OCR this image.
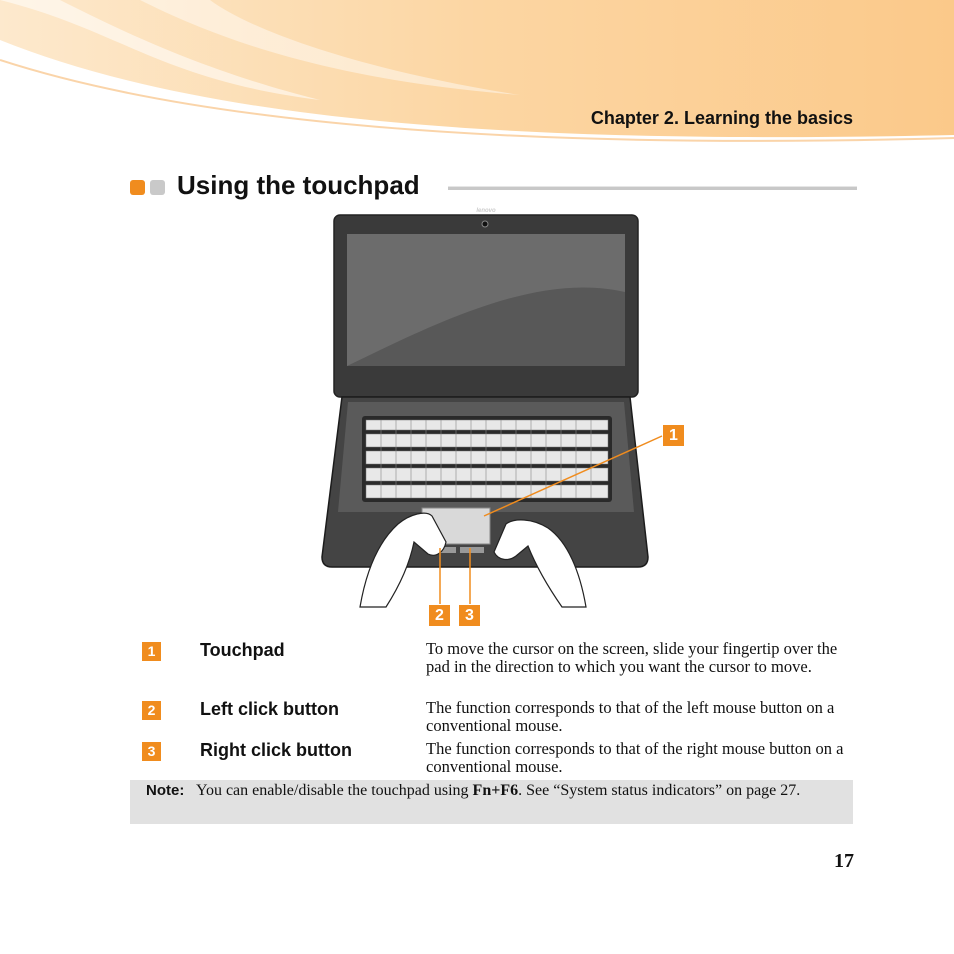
Chapter 2. Learning the basics
Using the touchpad
lenovo
1
2	3
1	Touchpad	To move the cursor on the screen, slide your fingertip over the pad in the direction to which you want the cursor to move.
2	Left click button	The function corresponds to that of the left mouse button on a conventional mouse.
3	Right click button	The function corresponds to that of the right mouse button on a conventional mouse.
Note: You can enable/disable the touchpad using Fn+F6. See “System status indicators” on page 27.
17
